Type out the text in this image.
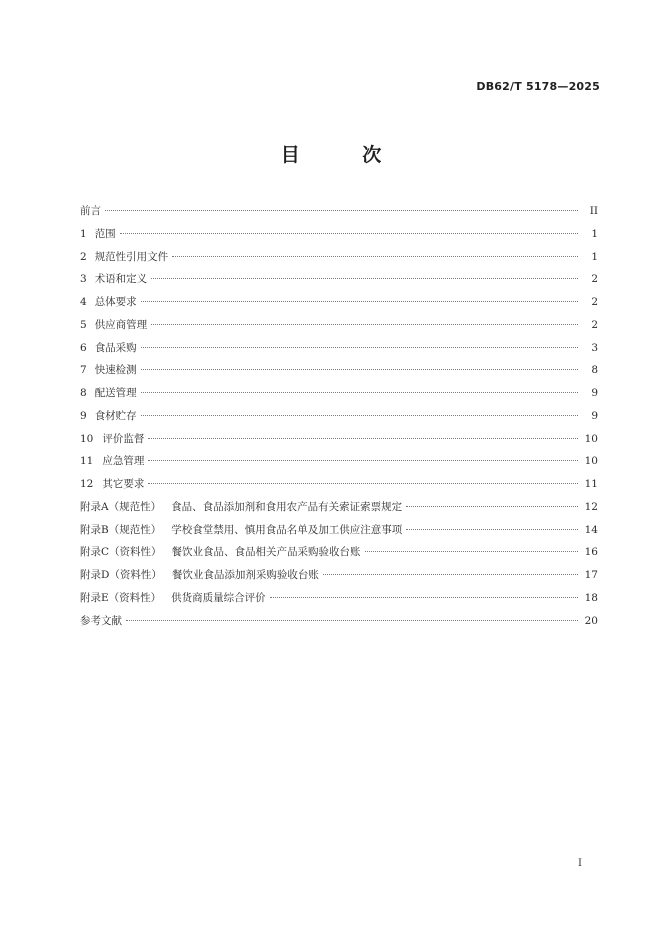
DB62/T 5178—2025
目 次
前言	II
1 范围	1
2 规范性引用文件	1
3 术语和定义	2
4 总体要求	2
5 供应商管理	2
6 食品采购	3
7 快速检测	8
8 配送管理	9
9 食材贮存	9
10 评价监督	10
11 应急管理	10
12 其它要求	11
附录A（规范性） 食品、食品添加剂和食用农产品有关索证索票规定	12
附录B（规范性） 学校食堂禁用、慎用食品名单及加工供应注意事项	14
附录C（资料性） 餐饮业食品、食品相关产品采购验收台账	16
附录D（资料性） 餐饮业食品添加剂采购验收台账	17
附录E（资料性） 供货商质量综合评价	18
参考文献	20
I
